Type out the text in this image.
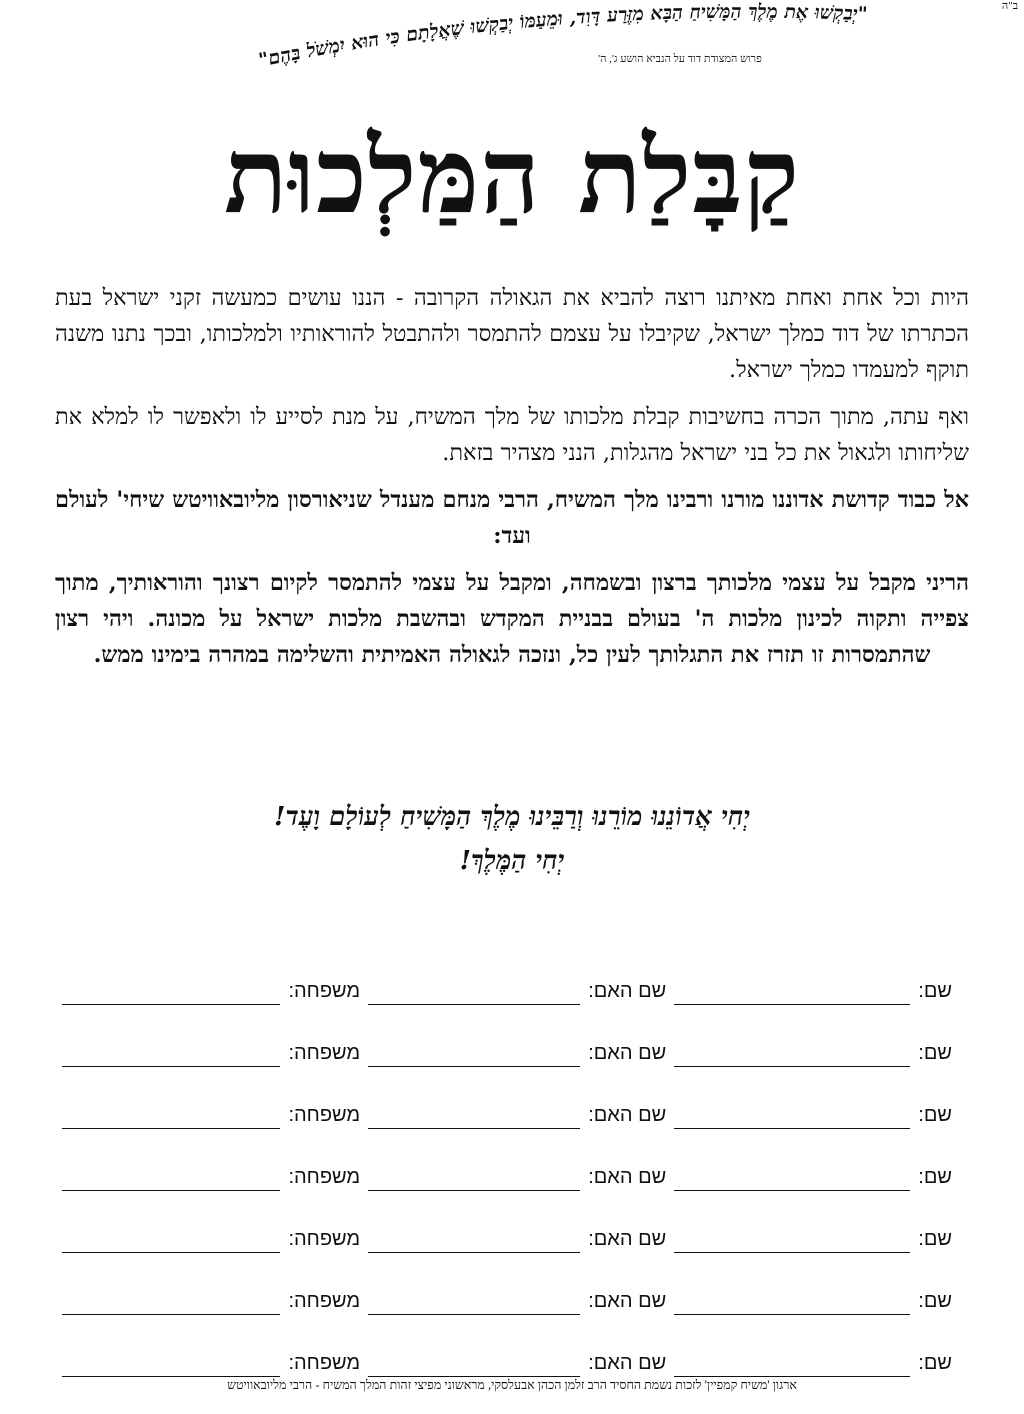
ב"ה
"יְבַקְשׁוּ אֶת מֶלֶךְ הַמָּשִׁיחַ הַבָּא מִזֶּרַע דָּוִד, וּמֵעַמּוֹ יְבַקְשׁוּ שֶׁאֲלָתָם כִּי הוּא יִמְשֹׁל בָּהֶם"
פרוש המצודת דוד על הנביא הושע ג', ה'
קַבָּלַת הַמַּלְכוּת

היות וכל אחת ואחת מאיתנו רוצה להביא את הגאולה הקרובה - הננו עושים כמעשה זקני ישראל בעת הכתרתו של דוד כמלך ישראל, שקיבלו על עצמם להתמסר ולהתבטל להוראותיו ולמלכותו, ובכך נתנו משנה תוקף למעמדו כמלך ישראל.

ואף עתה, מתוך הכרה בחשיבות קבלת מלכותו של מלך המשיח, על מנת לסייע לו ולאפשר לו למלא את שליחותו ולגאול את כל בני ישראל מהגלות, הנני מצהיר בזאת.

אל כבוד קדושת אדוננו מורנו ורבינו מלך המשיח, הרבי מנחם מענדל שניאורסון מליובאוויטש שיחי' לעולם ועד:

הריני מקבל על עצמי מלכותך ברצון ובשמחה, ומקבל על עצמי להתמסר לקיום רצונך והוראותיך, מתוך צפייה ותקוה לכינון מלכות ה' בעולם בבניית המקדש ובהשבת מלכות ישראל על מכונה. ויהי רצון שהתמסרות זו תזרז את התגלותך לעין כל, ונזכה לגאולה האמיתית והשלימה במהרה בימינו ממש.

יְחִי אֲדוֹנֵנוּ מוֹרֵנוּ וְרַבֵּינוּ מֶלֶךְ הַמָּשִׁיחַ לְעוֹלָם וָעֶד!
יְחִי הַמֶּלֶךְ!
שם:
שם האם:
משפחה:
שם:
שם האם:
משפחה:
שם:
שם האם:
משפחה:
שם:
שם האם:
משפחה:
שם:
שם האם:
משפחה:
שם:
שם האם:
משפחה:
שם:
שם האם:
משפחה:
ארגון 'משיח קמפיין' לזכות נשמת החסיד הרב זלמן הכהן אבעלסקי, מראשוני מפיצי זהות המלך המשיח - הרבי מליובאוויטש
